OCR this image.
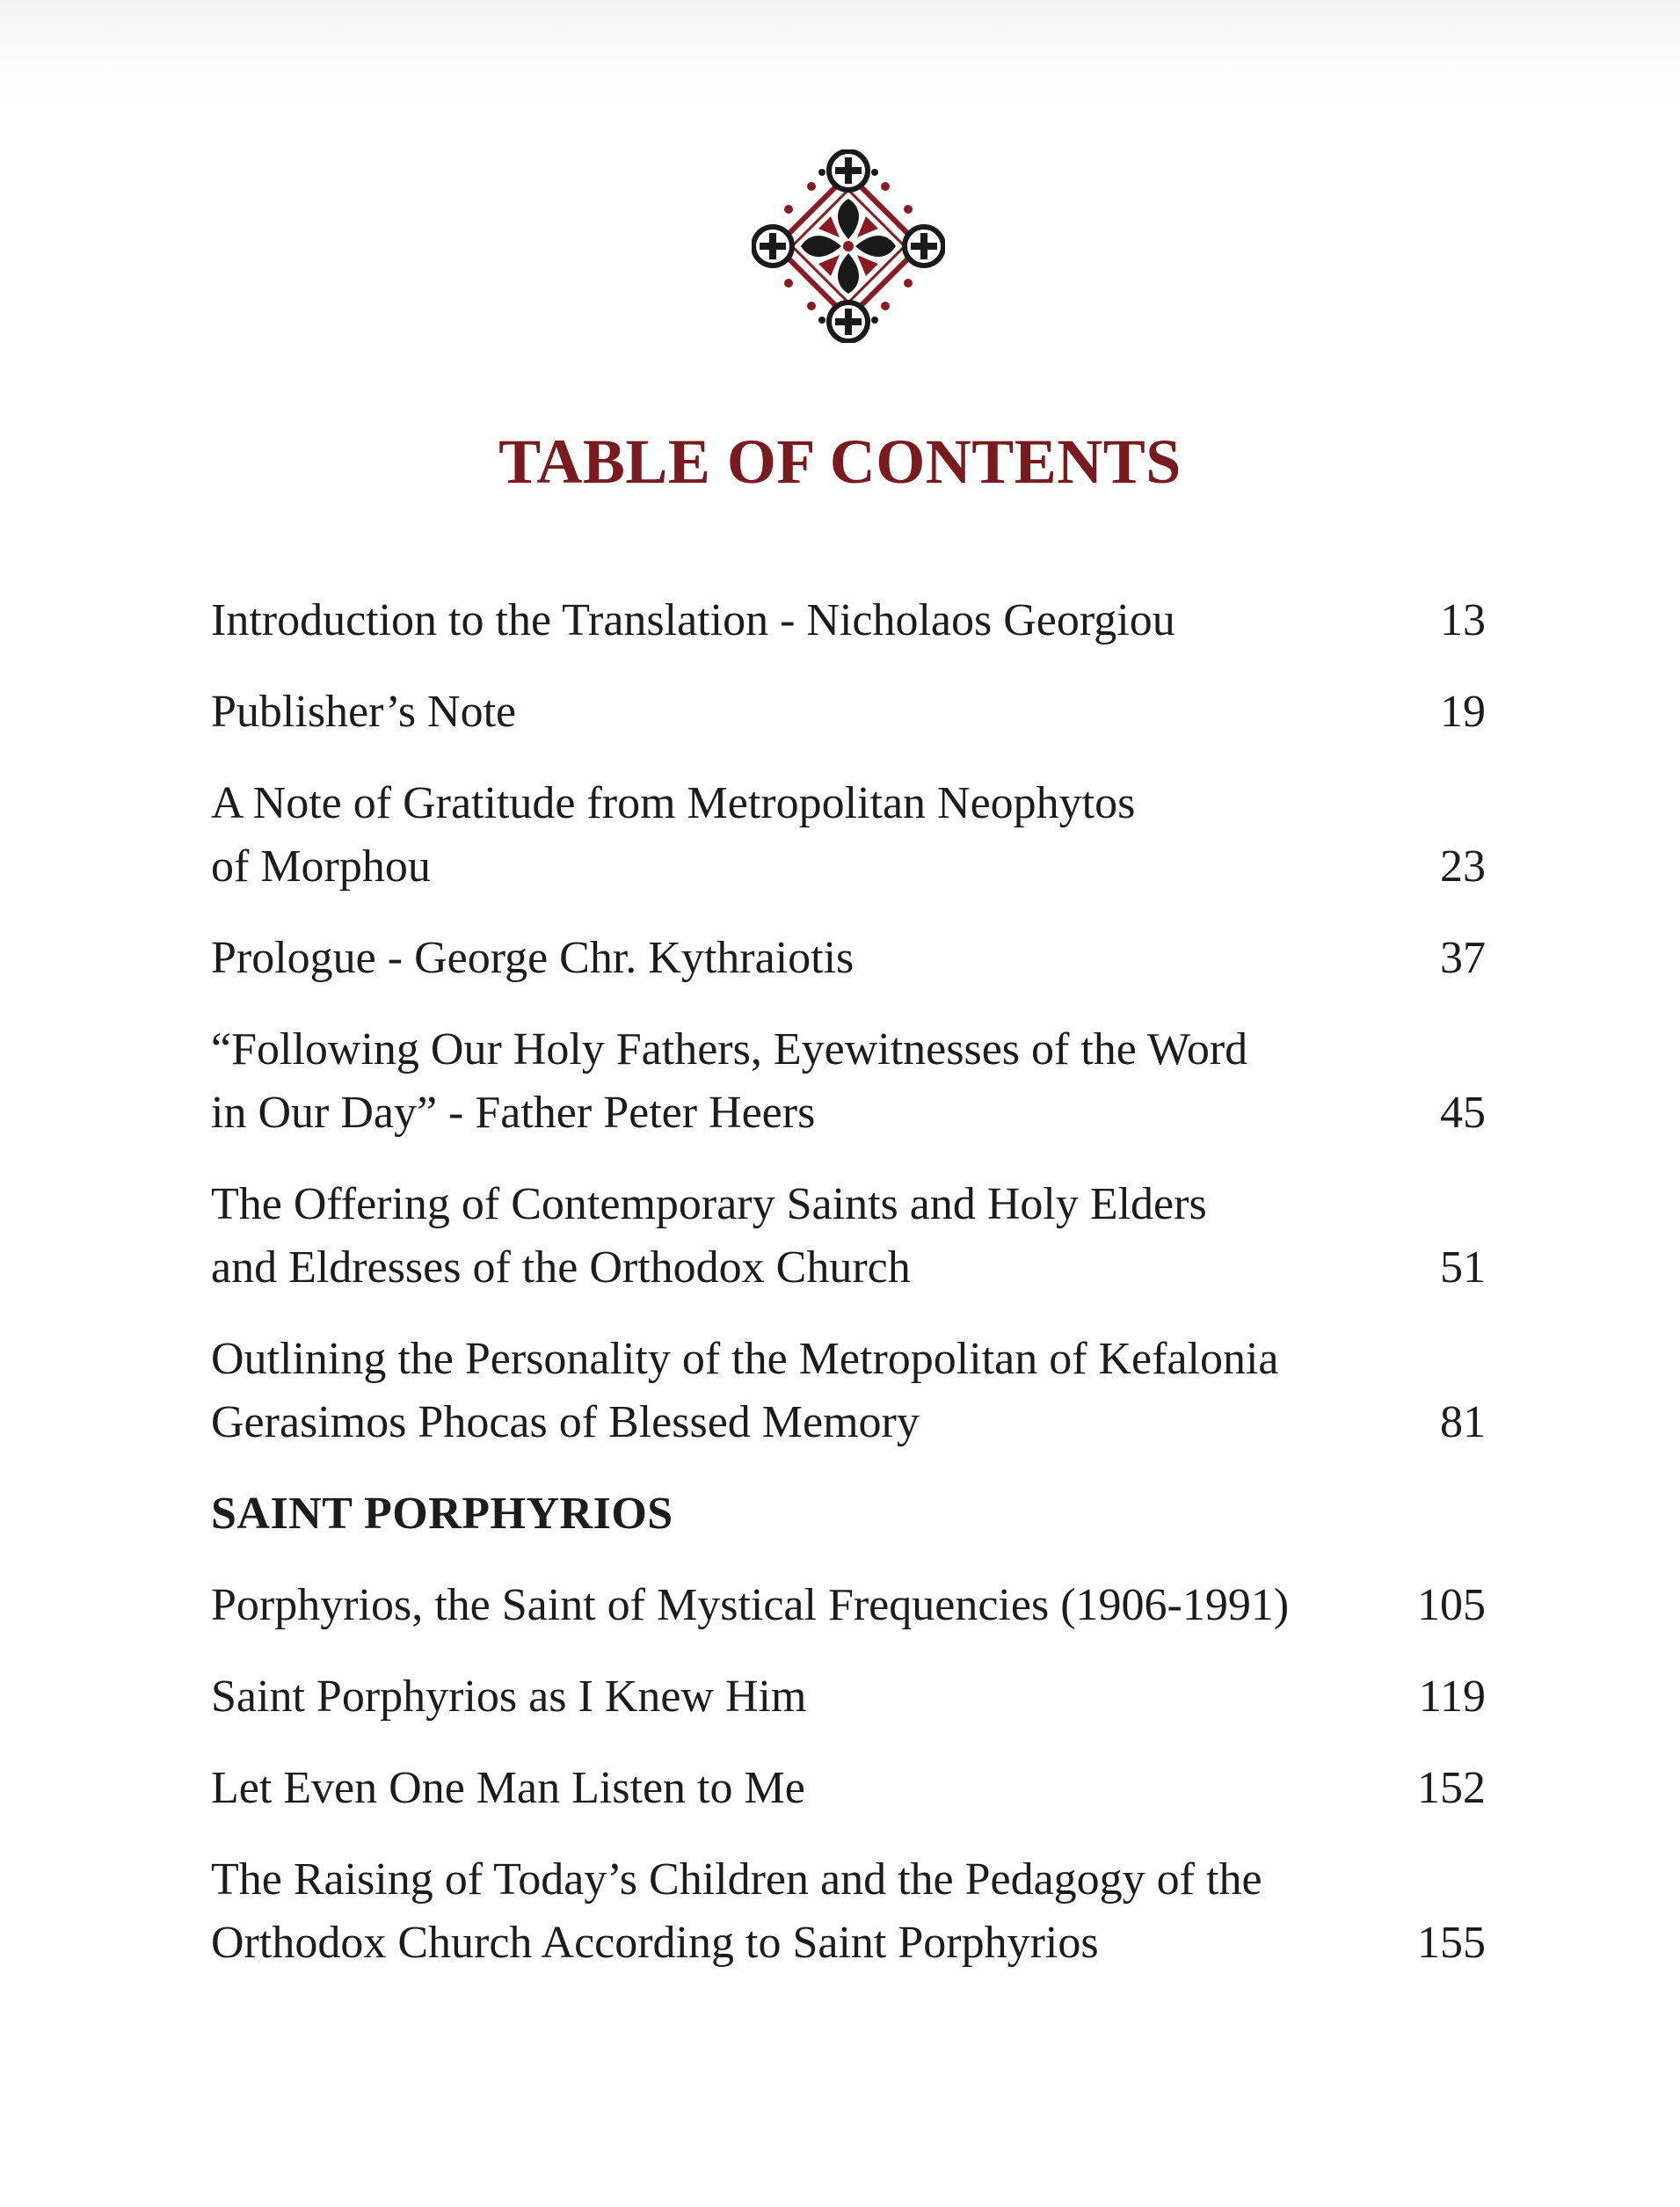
TABLE OF CONTENTS
Introduction to the Translation - Nicholaos Georgiou	13
Publisher’s Note	19
A Note of Gratitude from Metropolitan Neophytos
of Morphou	23
Prologue - George Chr. Kythraiotis	37
“Following Our Holy Fathers, Eyewitnesses of the Word
in Our Day” - Father Peter Heers	45
The Offering of Contemporary Saints and Holy Elders
and Eldresses of the Orthodox Church	51
Outlining the Personality of the Metropolitan of Kefalonia
Gerasimos Phocas of Blessed Memory	81
SAINT PORPHYRIOS
Porphyrios, the Saint of Mystical Frequencies (1906-1991)	105
Saint Porphyrios as I Knew Him	119
Let Even One Man Listen to Me	152
The Raising of Today’s Children and the Pedagogy of the
Orthodox Church According to Saint Porphyrios	155
